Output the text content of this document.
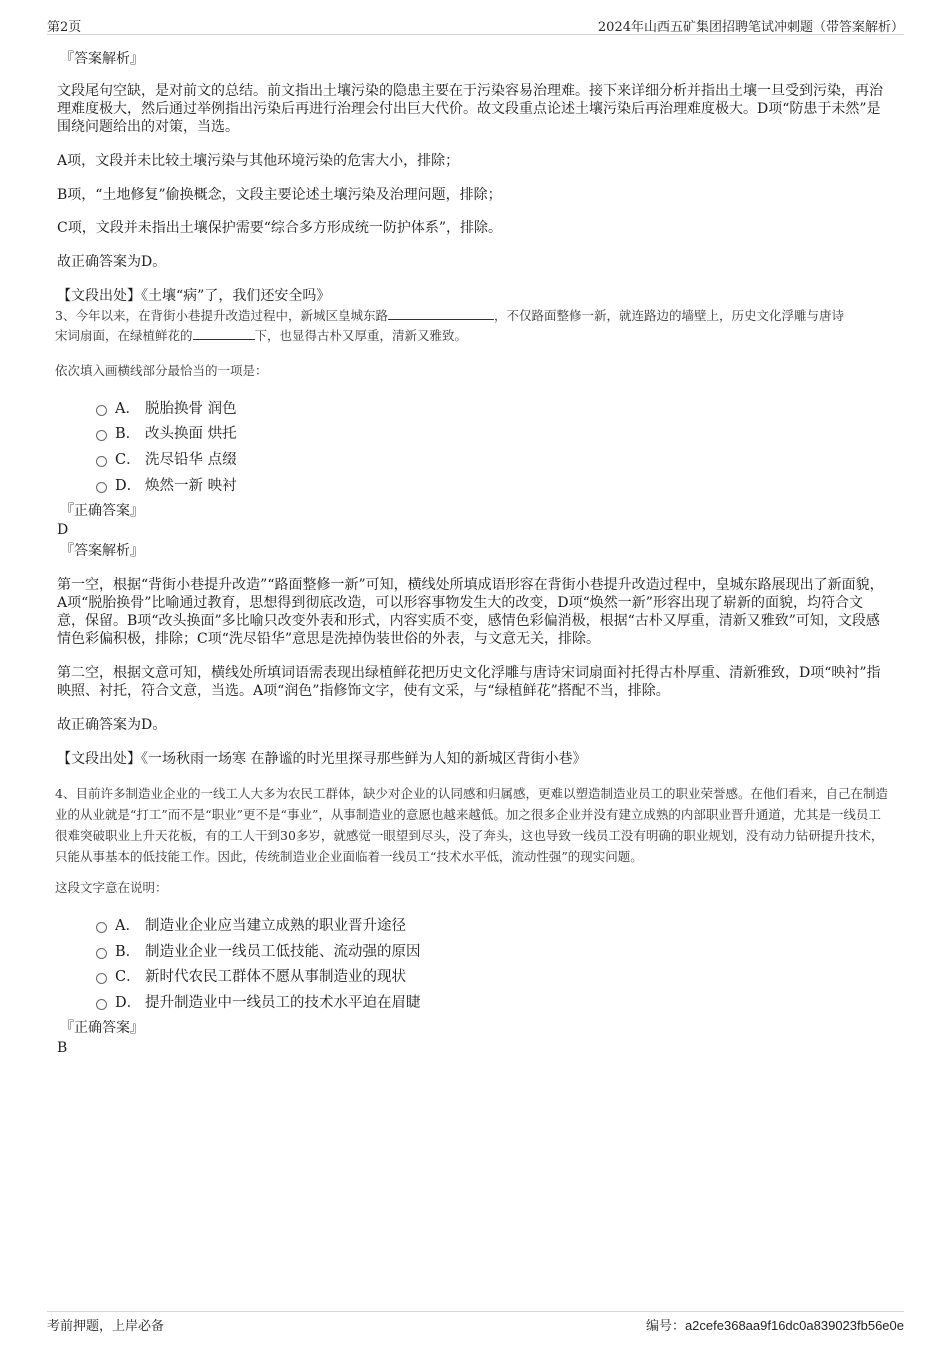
第2页	2024年山西五矿集团招聘笔试冲刺题（带答案解析）
『答案解析』
文段尾句空缺，是对前文的总结。前文指出土壤污染的隐患主要在于污染容易治理难。接下来详细分析并指出土壤一旦受到污染，再治理难度极大，然后通过举例指出污染后再进行治理会付出巨大代价。故文段重点论述土壤污染后再治理难度极大。D项“防患于未然”是围绕问题给出的对策，当选。
A项，文段并未比较土壤污染与其他环境污染的危害大小，排除；
B项，“土地修复”偷换概念，文段主要论述土壤污染及治理问题，排除；
C项，文段并未指出土壤保护需要“综合多方形成统一防护体系”，排除。
故正确答案为D。
【文段出处】《土壤“病”了，我们还安全吗》
3、今年以来，在背街小巷提升改造过程中，新城区皇城东路	，不仅路面整修一新，就连路边的墙壁上，历史文化浮雕与唐诗
宋词扇面，在绿植鲜花的	下，也显得古朴又厚重，清新又雅致。
依次填入画横线部分最恰当的一项是：
A． 脱胎换骨 润色
B． 改头换面 烘托
C． 洗尽铅华 点缀
D． 焕然一新 映衬
『正确答案』
D
『答案解析』
第一空，根据“背街小巷提升改造”“路面整修一新”可知，横线处所填成语形容在背街小巷提升改造过程中，皇城东路展现出了新面貌，A项“脱胎换骨”比喻通过教育，思想得到彻底改造，可以形容事物发生大的改变，D项“焕然一新”形容出现了崭新的面貌，均符合文意，保留。B项“改头换面”多比喻只改变外表和形式，内容实质不变，感情色彩偏消极，根据“古朴又厚重，清新又雅致”可知，文段感情色彩偏积极，排除；C项“洗尽铅华”意思是洗掉伪装世俗的外表，与文意无关，排除。
第二空，根据文意可知，横线处所填词语需表现出绿植鲜花把历史文化浮雕与唐诗宋词扇面衬托得古朴厚重、清新雅致，D项“映衬”指映照、衬托，符合文意，当选。A项“润色”指修饰文字，使有文采，与“绿植鲜花”搭配不当，排除。
故正确答案为D。
【文段出处】《一场秋雨一场寒 在静谧的时光里探寻那些鲜为人知的新城区背街小巷》
4、目前许多制造业企业的一线工人大多为农民工群体，缺少对企业的认同感和归属感，更难以塑造制造业员工的职业荣誉感。在他们看来，自己在制造业的从业就是“打工”而不是“职业”更不是“事业”，从事制造业的意愿也越来越低。加之很多企业并没有建立成熟的内部职业晋升通道，尤其是一线员工很难突破职业上升天花板，有的工人干到30多岁，就感觉一眼望到尽头，没了奔头，这也导致一线员工没有明确的职业规划，没有动力钻研提升技术，只能从事基本的低技能工作。因此，传统制造业企业面临着一线员工“技术水平低，流动性强”的现实问题。
这段文字意在说明：
A． 制造业企业应当建立成熟的职业晋升途径
B． 制造业企业一线员工低技能、流动强的原因
C． 新时代农民工群体不愿从事制造业的现状
D． 提升制造业中一线员工的技术水平迫在眉睫
『正确答案』
B
考前押题，上岸必备	编号：a2cefe368aa9f16dc0a839023fb56e0e
